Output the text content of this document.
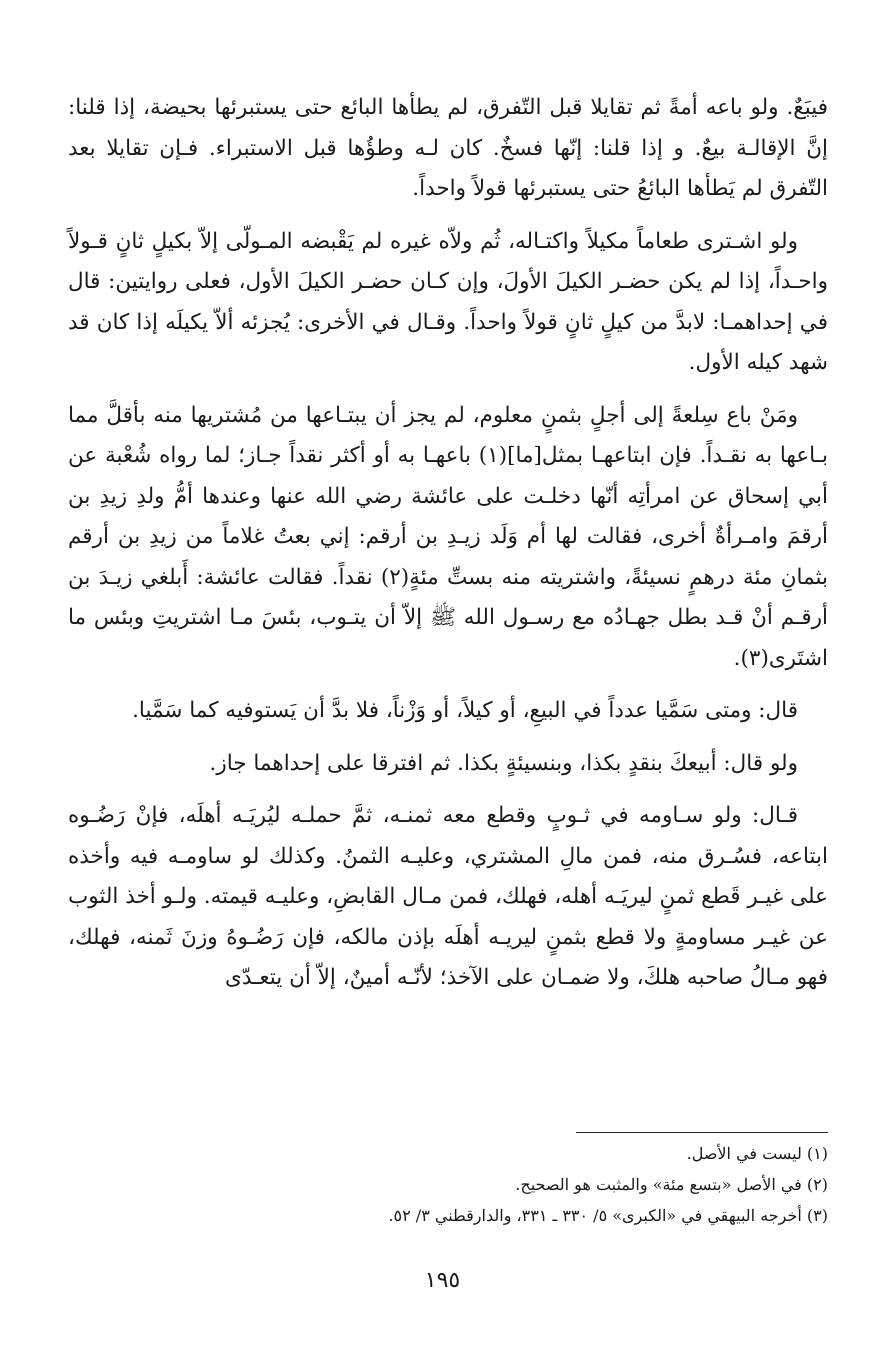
فيبَعٌ. ولو باعه أمةً ثم تقايلا قبل التّفرق، لم يطأها البائع حتى يستبرئها بحيضة، إذا قلنا: إنَّ الإقالـة بيعٌ. و إذا قلنا: إنّها فسخٌ. كان لـه وطؤُها قبل الاستبراء. فـإن تقايلا بعد التّفرق لم يَطأها البائعُ حتى يستبرئها قولاً واحداً.

ولو اشـترى طعاماً مكيلاً واكتـاله، ثُم ولاّه غيره لم يَقْبضه المـولّى إلاّ بكيلٍ ثانٍ قـولاً واحـداً، إذا لم يكن حضـر الكيلَ الأولَ، وإن كـان حضـر الكيلَ الأول، فعلى روايتين: قال في إحداهمـا: لابدَّ من كيلٍ ثانٍ قولاً واحداً. وقـال في الأخرى: يُجزئه ألاّ يكيلَه إذا كان قد شهد كيله الأول.

ومَنْ باع سِلعةً إلى أجلٍ بثمنٍ معلوم، لم يجز أن يبتـاعها من مُشتريها منه بأقلَّ مما بـاعها به نقـداً. فإن ابتاعهـا بمثل[ما](١) باعهـا به أو أكثر نقداً جـاز؛ لما رواه شُعْبة عن أبي إسحاق عن امرأتِه أنّها دخلـت على عائشة رضي الله عنها وعندها أمُّ ولدِ زيدِ بن أرقمَ وامـرأةٌ أخرى، فقالت لها أم وَلَد زيـدِ بن أرقم: إني بعتُ غلاماً من زيدِ بن أرقم بثمانِ مئة درهمٍ نسيئةً، واشتريته منه بستِّ مئةٍ(٢) نقداً. فقالت عائشة: أَبلغي زيـدَ بن أرقـم أنْ قـد بطل جهـادُه مع رسـول الله ﷺ إلاّ أن يتـوب، بئسَ مـا اشتريتِ وبئس ما اشتَرى(٣).

قال: ومتى سَمَّيا عدداً في البيعِ، أو كيلاً، أو وَزْناً، فلا بدَّ أن يَستوفيه كما سَمَّيا.

ولو قال: أبيعكَ بنقدٍ بكذا، وبنسيئةٍ بكذا. ثم افترقا على إحداهما جاز.

قـال: ولو سـاومه في ثـوبٍ وقطع معه ثمنـه، ثمَّ حملـه ليُريَـه أهلَه، فإنْ رَضُـوه ابتاعه، فسُـرق منه، فمن مالِ المشتري، وعليـه الثمنُ. وكذلك لو ساومـه فيه وأخذه على غيـر قَطع ثمنٍ ليريَـه أهله، فهلك، فمن مـال القابضِ، وعليـه قيمته. ولـو أخذ الثوب عن غيـر مساومةٍ ولا قطع بثمنٍ ليريـه أهلَه بإذن مالكه، فإن رَضُـوهُ وزنَ ثَمنه، فهلك، فهو مـالُ صاحبه هلكَ، ولا ضمـان على الآخذ؛ لأنّـه أمينٌ، إلاّ أن يتعـدّى

(١) ليست في الأصل.

(٢) في الأصل «بتسع مئة» والمثبت هو الصحيح.

(٣) أخرجه البيهقي في «الكبرى» ٥/ ٣٣٠ ـ ٣٣١، والدارقطني ٣/ ٥٢.

١٩٥
